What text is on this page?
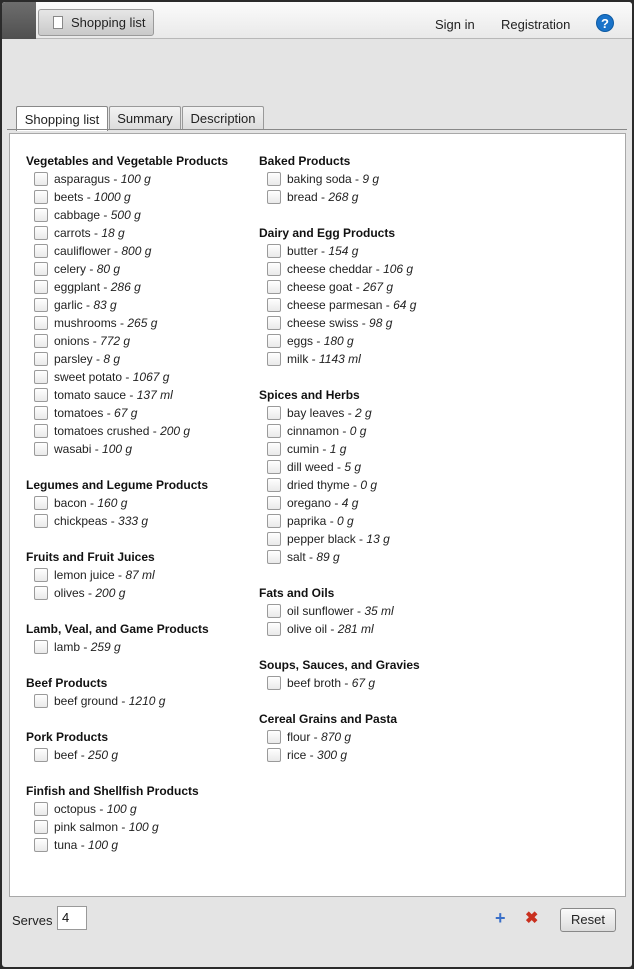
Shopping list	Sign in Registration	?
Shopping list	Summary	Description
Vegetables and Vegetable Products
asparagus - 100 g
beets - 1000 g
cabbage - 500 g
carrots - 18 g
cauliflower - 800 g
celery - 80 g
eggplant - 286 g
garlic - 83 g
mushrooms - 265 g
onions - 772 g
parsley - 8 g
sweet potato - 1067 g
tomato sauce - 137 ml
tomatoes - 67 g
tomatoes crushed - 200 g
wasabi - 100 g
Legumes and Legume Products
bacon - 160 g
chickpeas - 333 g
Fruits and Fruit Juices
lemon juice - 87 ml
olives - 200 g
Lamb, Veal, and Game Products
lamb - 259 g
Beef Products
beef ground - 1210 g
Pork Products
beef - 250 g
Finfish and Shellfish Products
octopus - 100 g
pink salmon - 100 g
tuna - 100 g
Baked Products
baking soda - 9 g
bread - 268 g
Dairy and Egg Products
butter - 154 g
cheese cheddar - 106 g
cheese goat - 267 g
cheese parmesan - 64 g
cheese swiss - 98 g
eggs - 180 g
milk - 1143 ml
Spices and Herbs
bay leaves - 2 g
cinnamon - 0 g
cumin - 1 g
dill weed - 5 g
dried thyme - 0 g
oregano - 4 g
paprika - 0 g
pepper black - 13 g
salt - 89 g
Fats and Oils
oil sunflower - 35 ml
olive oil - 281 ml
Soups, Sauces, and Gravies
beef broth - 67 g
Cereal Grains and Pasta
flour - 870 g
rice - 300 g
Serves 4	+ ✖	Reset
